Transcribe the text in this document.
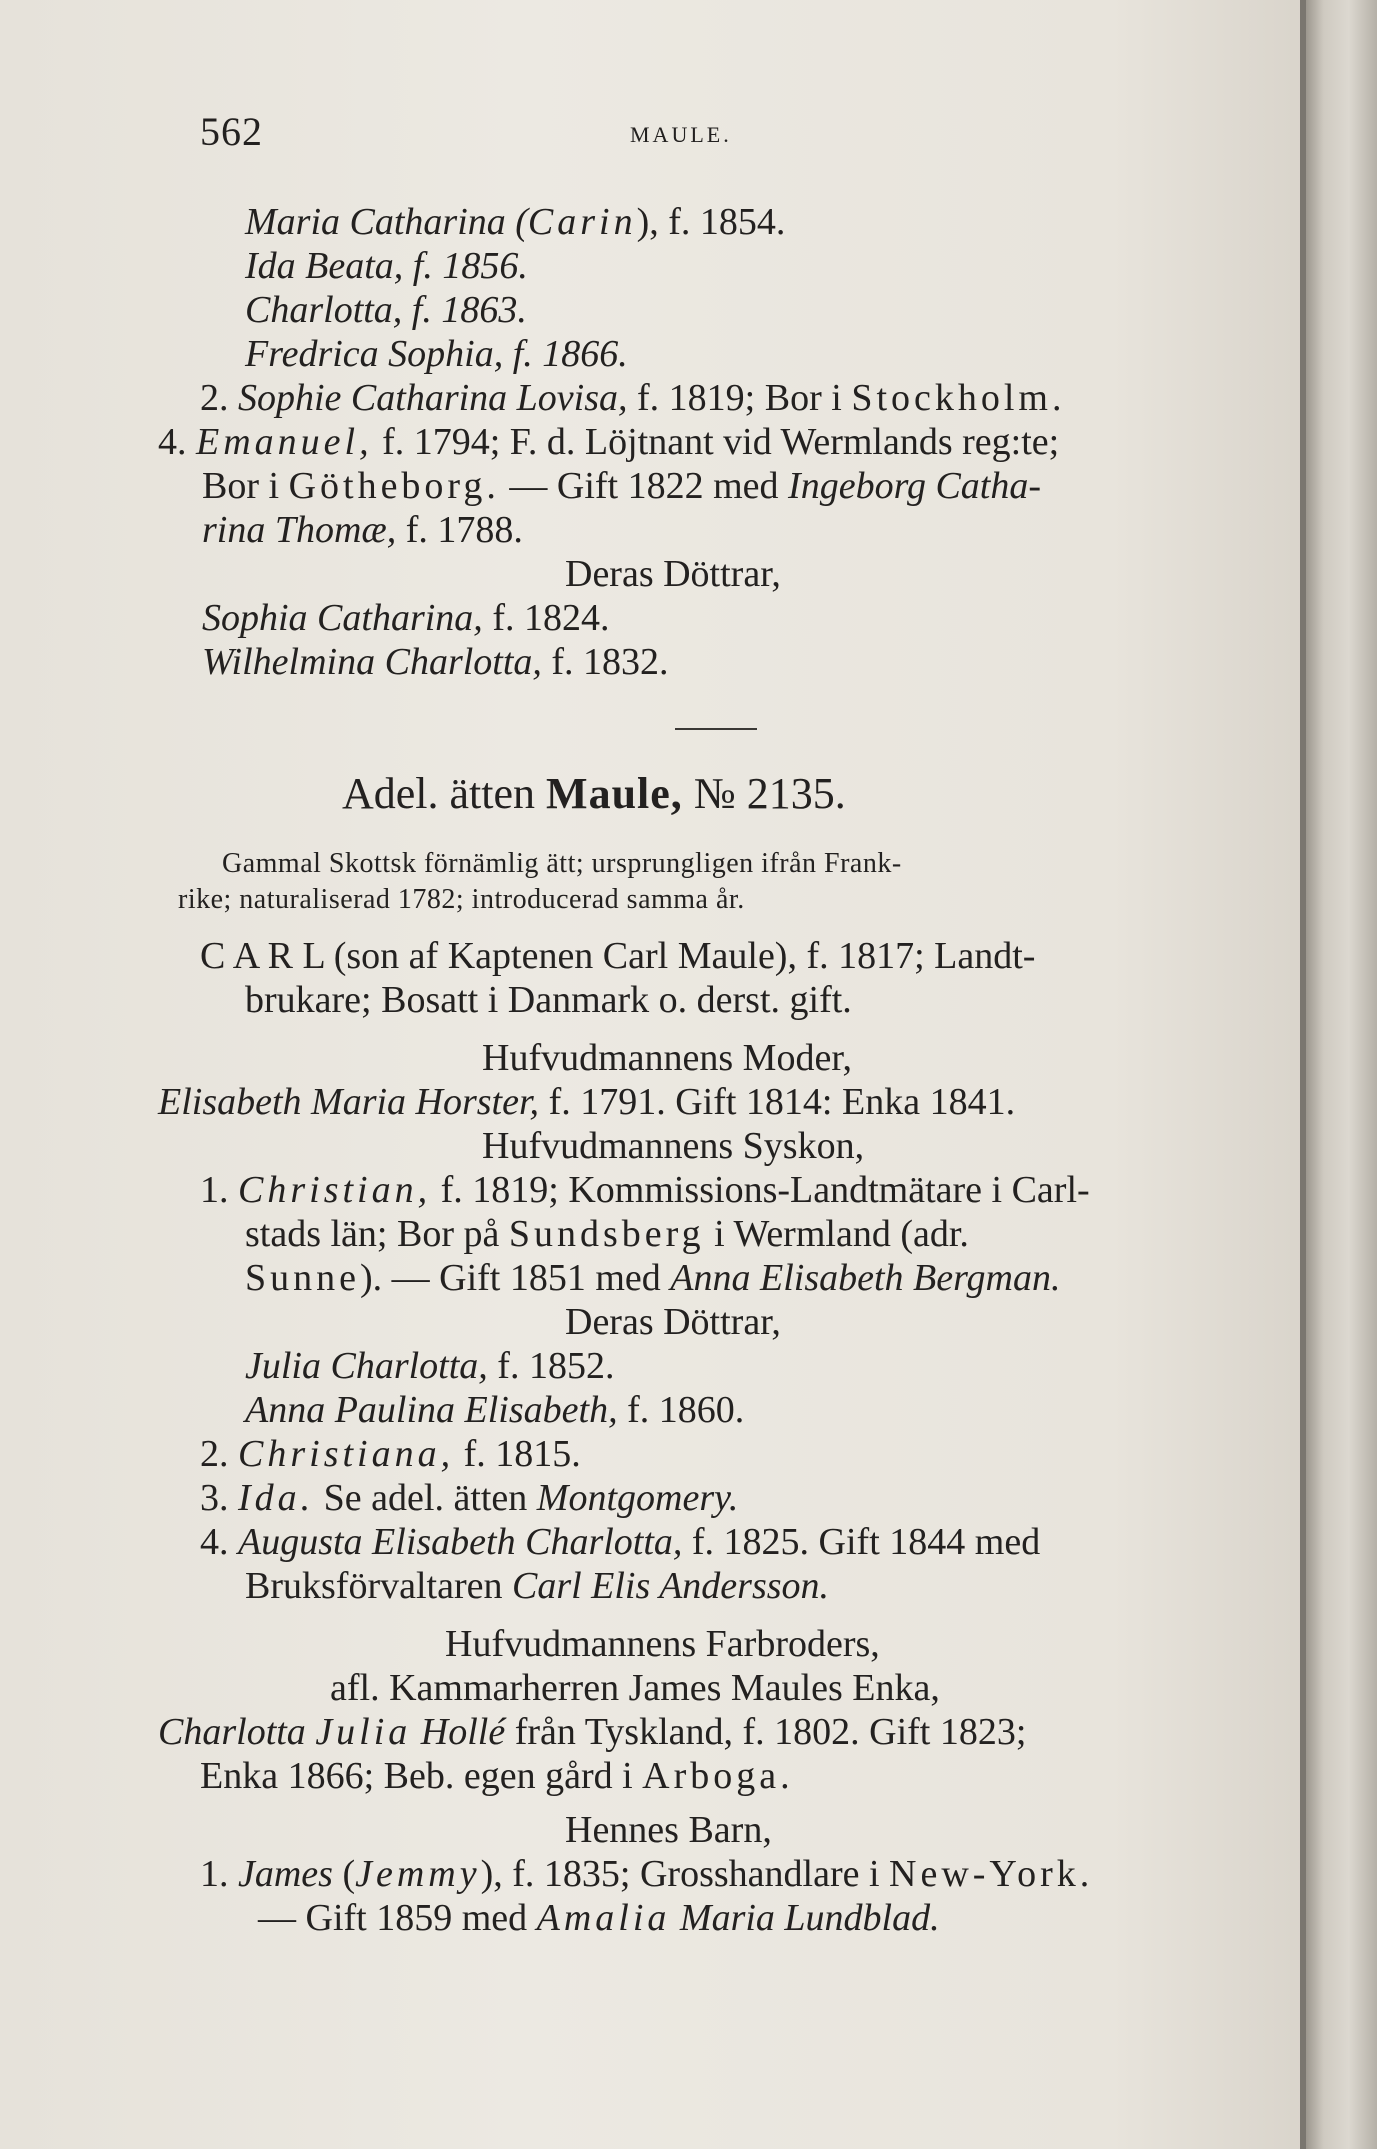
562	MAULE.
Maria Catharina (Carin), f. 1854.
Ida Beata, f. 1856.
Charlotta, f. 1863.
Fredrica Sophia, f. 1866.
2. Sophie Catharina Lovisa, f. 1819; Bor i Stockholm.
4. Emanuel, f. 1794; F. d. Löjtnant vid Wermlands reg:te;
Bor i Götheborg. — Gift 1822 med Ingeborg Catha-
rina Thomæ, f. 1788.
Deras Döttrar,
Sophia Catharina, f. 1824.
Wilhelmina Charlotta, f. 1832.
Adel. ätten Maule, № 2135.
Gammal Skottsk förnämlig ätt; ursprungligen ifrån Frank-
rike; naturaliserad 1782; introducerad samma år.
C A R L (son af Kaptenen Carl Maule), f. 1817; Landt-
brukare; Bosatt i Danmark o. derst. gift.
Hufvudmannens Moder,
Elisabeth Maria Horster, f. 1791. Gift 1814: Enka 1841.
Hufvudmannens Syskon,
1. Christian, f. 1819; Kommissions-Landtmätare i Carl-
stads län; Bor på Sundsberg i Wermland (adr.
Sunne). — Gift 1851 med Anna Elisabeth Bergman.
Deras Döttrar,
Julia Charlotta, f. 1852.
Anna Paulina Elisabeth, f. 1860.
2. Christiana, f. 1815.
3. Ida. Se adel. ätten Montgomery.
4. Augusta Elisabeth Charlotta, f. 1825. Gift 1844 med
Bruksförvaltaren Carl Elis Andersson.
Hufvudmannens Farbroders,
afl. Kammarherren James Maules Enka,
Charlotta Julia Hollé från Tyskland, f. 1802. Gift 1823;
Enka 1866; Beb. egen gård i Arboga.
Hennes Barn,
1. James (Jemmy), f. 1835; Grosshandlare i New-York.
— Gift 1859 med Amalia Maria Lundblad.
